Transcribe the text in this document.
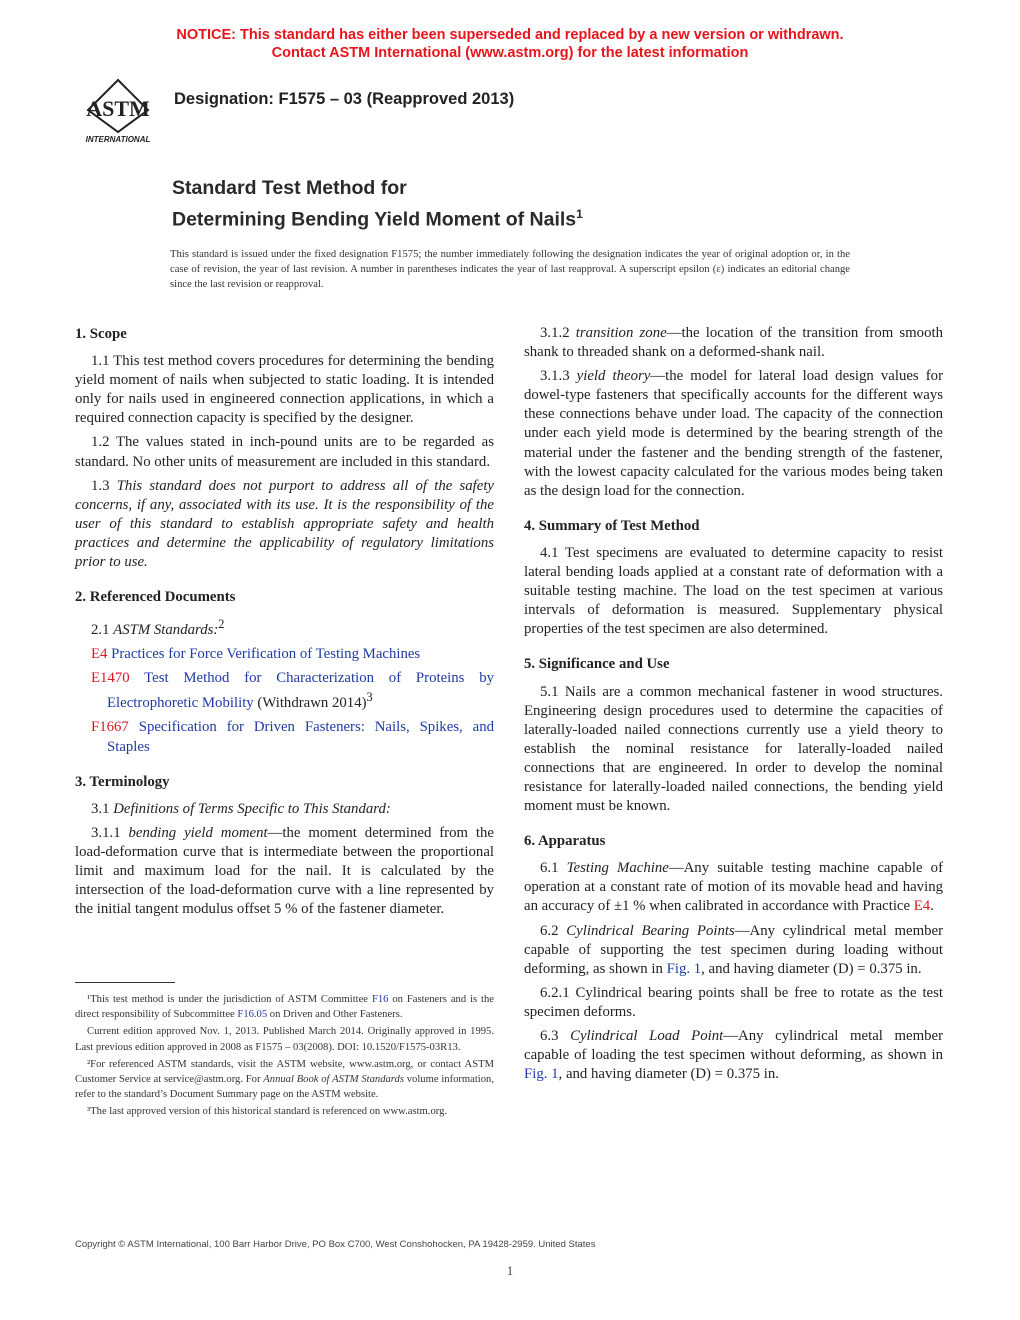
NOTICE: This standard has either been superseded and replaced by a new version or withdrawn.
Contact ASTM International (www.astm.org) for the latest information
ASTM
INTERNATIONAL
Designation: F1575 – 03 (Reapproved 2013)
Standard Test Method for
Determining Bending Yield Moment of Nails$^1$
This standard is issued under the fixed designation F1575; the number immediately following the designation indicates the year of original adoption or, in the case of revision, the year of last revision. A number in parentheses indicates the year of last reapproval. A superscript epsilon (ε) indicates an editorial change since the last revision or reapproval.
1. Scope

1.1 This test method covers procedures for determining the bending yield moment of nails when subjected to static loading. It is intended only for nails used in engineered connection applications, in which a required connection capacity is specified by the designer.

1.2 The values stated in inch-pound units are to be regarded as standard. No other units of measurement are included in this standard.

1.3 This standard does not purport to address all of the safety concerns, if any, associated with its use. It is the responsibility of the user of this standard to establish appropriate safety and health practices and determine the applicability of regulatory limitations prior to use.

2. Referenced Documents

2.1 ASTM Standards:$^2$

E4 Practices for Force Verification of Testing Machines

E1470 Test Method for Characterization of Proteins by Electrophoretic Mobility (Withdrawn 2014)$^3$

F1667 Specification for Driven Fasteners: Nails, Spikes, and Staples

3. Terminology

3.1 Definitions of Terms Specific to This Standard:

3.1.1 bending yield moment—the moment determined from the load-deformation curve that is intermediate between the proportional limit and maximum load for the nail. It is calculated by the intersection of the load-deformation curve with a line represented by the initial tangent modulus offset 5 % of the fastener diameter.

¹This test method is under the jurisdiction of ASTM Committee F16 on Fasteners and is the direct responsibility of Subcommittee F16.05 on Driven and Other Fasteners.

Current edition approved Nov. 1, 2013. Published March 2014. Originally approved in 1995. Last previous edition approved in 2008 as F1575 – 03(2008). DOI: 10.1520/F1575-03R13.

²For referenced ASTM standards, visit the ASTM website, www.astm.org, or contact ASTM Customer Service at service@astm.org. For Annual Book of ASTM Standards volume information, refer to the standard’s Document Summary page on the ASTM website.

³The last approved version of this historical standard is referenced on www.astm.org.

3.1.2 transition zone—the location of the transition from smooth shank to threaded shank on a deformed-shank nail.

3.1.3 yield theory—the model for lateral load design values for dowel-type fasteners that specifically accounts for the different ways these connections behave under load. The capacity of the connection under each yield mode is determined by the bearing strength of the material under the fastener and the bending strength of the fastener, with the lowest capacity calculated for the various modes being taken as the design load for the connection.

4. Summary of Test Method

4.1 Test specimens are evaluated to determine capacity to resist lateral bending loads applied at a constant rate of deformation with a suitable testing machine. The load on the test specimen at various intervals of deformation is measured. Supplementary physical properties of the test specimen are also determined.

5. Significance and Use

5.1 Nails are a common mechanical fastener in wood structures. Engineering design procedures used to determine the capacities of laterally-loaded nailed connections currently use a yield theory to establish the nominal resistance for laterally-loaded nailed connections that are engineered. In order to develop the nominal resistance for laterally-loaded nailed connections, the bending yield moment must be known.

6. Apparatus

6.1 Testing Machine—Any suitable testing machine capable of operation at a constant rate of motion of its movable head and having an accuracy of ±1 % when calibrated in accordance with Practice E4.

6.2 Cylindrical Bearing Points—Any cylindrical metal member capable of supporting the test specimen during loading without deforming, as shown in Fig. 1, and having diameter (D) = 0.375 in.

6.2.1 Cylindrical bearing points shall be free to rotate as the test specimen deforms.

6.3 Cylindrical Load Point—Any cylindrical metal member capable of loading the test specimen without deforming, as shown in Fig. 1, and having diameter (D) = 0.375 in.

Copyright © ASTM International, 100 Barr Harbor Drive, PO Box C700, West Conshohocken, PA 19428-2959. United States
1
